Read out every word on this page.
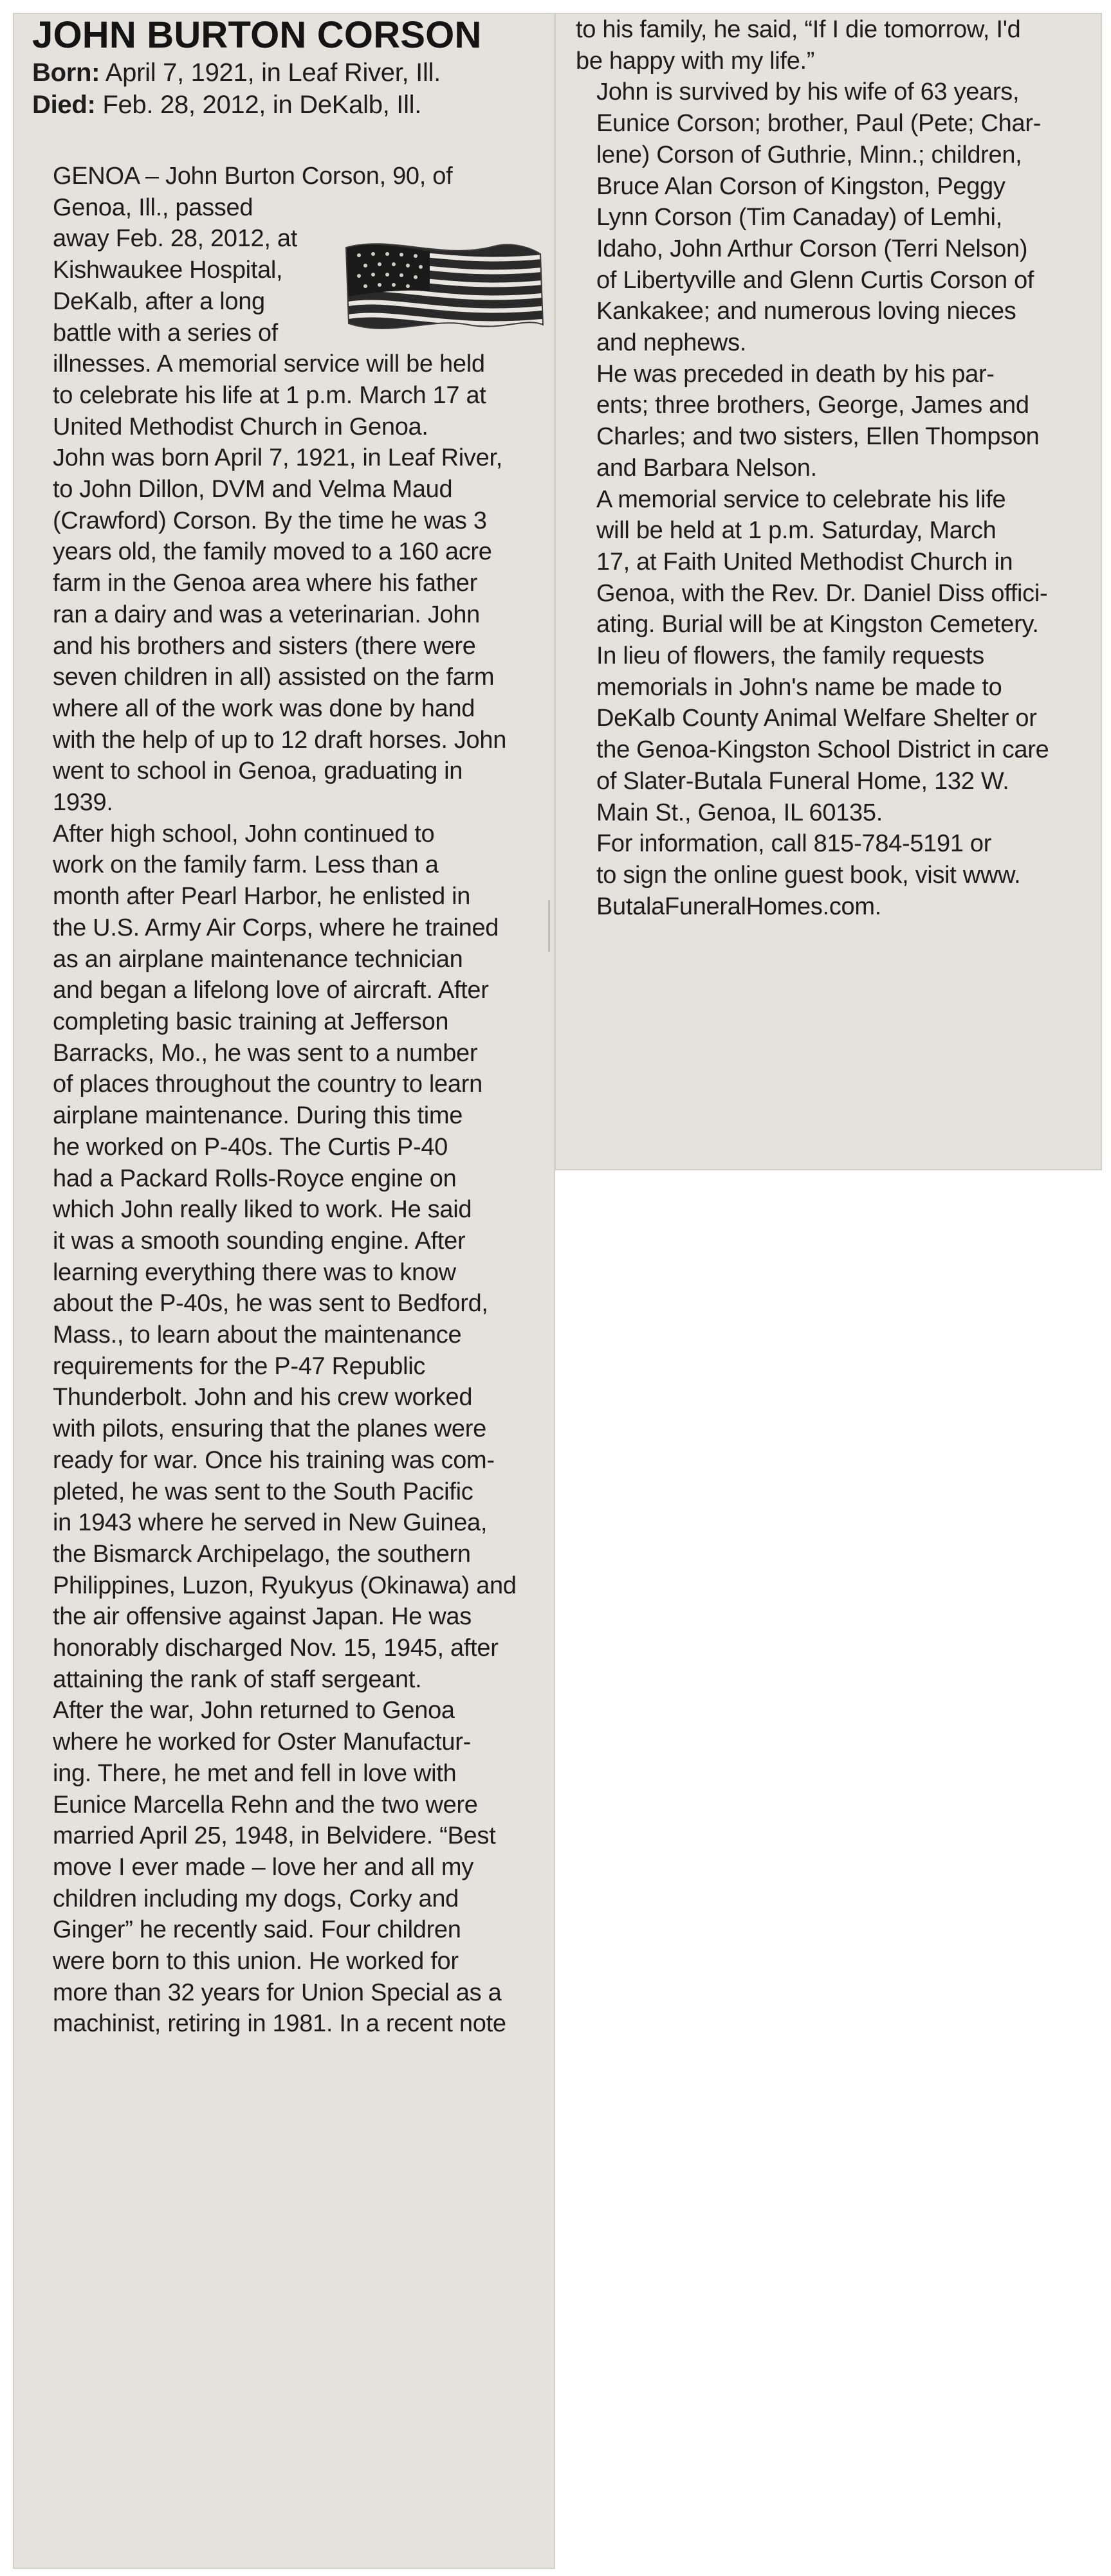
JOHN BURTON CORSON

Born: April 7, 1921, in Leaf River, Ill.

Died: Feb. 28, 2012, in DeKalb, Ill.

GENOA – John Burton Corson, 90, of
Genoa, Ill., passed
away Feb. 28, 2012, at
Kishwaukee Hospital,
DeKalb, after a long
battle with a series of
illnesses. A memorial service will be held
to celebrate his life at 1 p.m. March 17 at
United Methodist Church in Genoa.

John was born April 7, 1921, in Leaf River,
to John Dillon, DVM and Velma Maud
(Crawford) Corson. By the time he was 3
years old, the family moved to a 160 acre
farm in the Genoa area where his father
ran a dairy and was a veterinarian. John
and his brothers and sisters (there were
seven children in all) assisted on the farm
where all of the work was done by hand
with the help of up to 12 draft horses. John
went to school in Genoa, graduating in
1939.

After high school, John continued to
work on the family farm. Less than a
month after Pearl Harbor, he enlisted in
the U.S. Army Air Corps, where he trained
as an airplane maintenance technician
and began a lifelong love of aircraft. After
completing basic training at Jefferson
Barracks, Mo., he was sent to a number
of places throughout the country to learn
airplane maintenance. During this time
he worked on P-40s. The Curtis P-40
had a Packard Rolls-Royce engine on
which John really liked to work. He said
it was a smooth sounding engine. After
learning everything there was to know
about the P-40s, he was sent to Bedford,
Mass., to learn about the maintenance
requirements for the P-47 Republic
Thunderbolt. John and his crew worked
with pilots, ensuring that the planes were
ready for war. Once his training was com-
pleted, he was sent to the South Pacific
in 1943 where he served in New Guinea,
the Bismarck Archipelago, the southern
Philippines, Luzon, Ryukyus (Okinawa) and
the air offensive against Japan. He was
honorably discharged Nov. 15, 1945, after
attaining the rank of staff sergeant.

After the war, John returned to Genoa
where he worked for Oster Manufactur-
ing. There, he met and fell in love with
Eunice Marcella Rehn and the two were
married April 25, 1948, in Belvidere. “Best
move I ever made – love her and all my
children including my dogs, Corky and
Ginger” he recently said. Four children
were born to this union. He worked for
more than 32 years for Union Special as a
machinist, retiring in 1981. In a recent note

to his family, he said, “If I die tomorrow, I'd
be happy with my life.”

John is survived by his wife of 63 years,
Eunice Corson; brother, Paul (Pete; Char-
lene) Corson of Guthrie, Minn.; children,
Bruce Alan Corson of Kingston, Peggy
Lynn Corson (Tim Canaday) of Lemhi,
Idaho, John Arthur Corson (Terri Nelson)
of Libertyville and Glenn Curtis Corson of
Kankakee; and numerous loving nieces
and nephews.

He was preceded in death by his par-
ents; three brothers, George, James and
Charles; and two sisters, Ellen Thompson
and Barbara Nelson.

A memorial service to celebrate his life
will be held at 1 p.m. Saturday, March
17, at Faith United Methodist Church in
Genoa, with the Rev. Dr. Daniel Diss offici-
ating. Burial will be at Kingston Cemetery.

In lieu of flowers, the family requests
memorials in John's name be made to
DeKalb County Animal Welfare Shelter or
the Genoa-Kingston School District in care
of Slater-Butala Funeral Home, 132 W.
Main St., Genoa, IL 60135.

For information, call 815-784-5191 or
to sign the online guest book, visit www.
ButalaFuneralHomes.com.
